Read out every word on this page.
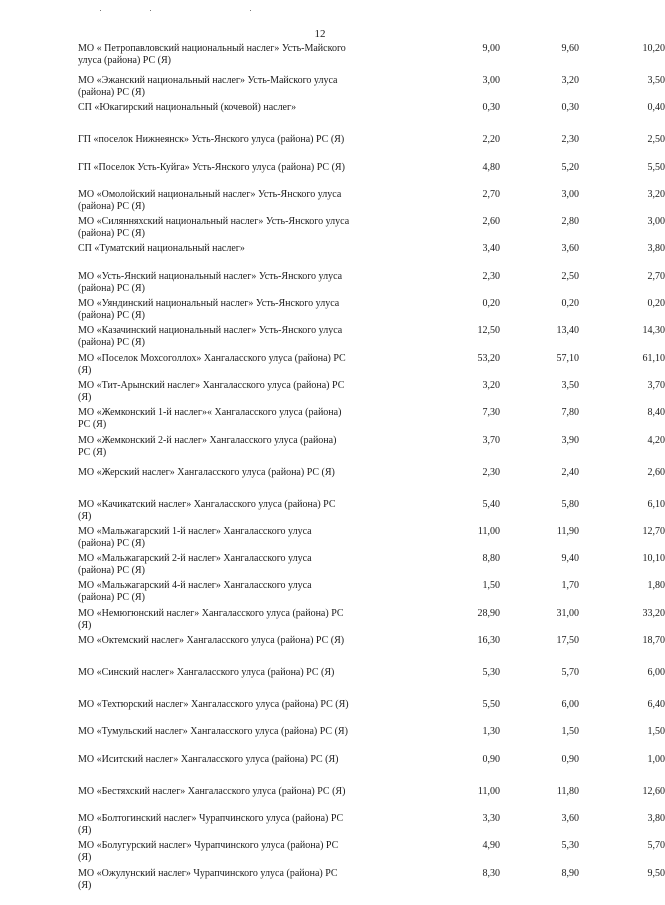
12
МО « Петропавловский национальный наслег» Усть-Майского улуса (района) РС (Я)
9,00	9,60	10,20
МО «Эжанский национальный наслег» Усть-Майского улуса (района) РС (Я)
3,00	3,20	3,50
СП «Юкагирский национальный (кочевой) наслег»	0,30	0,30	0,40
ГП «поселок Нижнеянск» Усть-Янского улуса (района) РС (Я)	2,20	2,30	2,50
ГП «Поселок Усть-Куйга» Усть-Янского улуса (района) РС (Я)	4,80	5,20	5,50
МО «Омолойский национальный наслег» Усть-Янского улуса (района) РС (Я)
2,70	3,00	3,20
МО «Силянняхский национальный наслег» Усть-Янского улуса (района) РС (Я)
2,60	2,80	3,00
СП «Туматский национальный наслег»	3,40	3,60	3,80
МО «Усть-Янский национальный наслег» Усть-Янского улуса (района) РС (Я)
2,30	2,50	2,70
МО «Уяндинский национальный наслег» Усть-Янского улуса (района) РС (Я)
0,20	0,20	0,20
МО «Казачинский национальный наслег» Усть-Янского улуса (района) РС (Я)
12,50	13,40	14,30
МО «Поселок Мохсоголлох» Хангаласского улуса (района) РС (Я)
53,20	57,10	61,10
МО «Тит-Арынский наслег» Хангаласского улуса (района) РС (Я)
3,20	3,50	3,70
МО «Жемконский 1-й наслег»« Хангаласского улуса (района) РС (Я)
7,30	7,80	8,40
МО «Жемконский 2-й наслег» Хангаласского улуса (района) РС (Я)
3,70	3,90	4,20
МО «Жерский наслег» Хангаласского улуса (района) РС (Я)	2,30	2,40	2,60
МО «Качикатский наслег» Хангаласского улуса (района) РС (Я)
5,40	5,80	6,10
МО «Мальжагарский 1-й наслег» Хангаласского улуса (района) РС (Я)
11,00	11,90	12,70
МО «Мальжагарский 2-й наслег» Хангаласского улуса (района) РС (Я)
8,80	9,40	10,10
МО «Мальжагарский 4-й наслег» Хангаласского улуса (района) РС (Я)
1,50	1,70	1,80
МО «Немюгюнский наслег» Хангаласского улуса (района) РС (Я)
28,90	31,00	33,20
МО «Октемский наслег» Хангаласского улуса (района) РС (Я)	16,30	17,50	18,70
МО «Синский наслег» Хангаласского улуса (района) РС (Я)	5,30	5,70	6,00
МО «Техтюрский наслег» Хангаласского улуса (района) РС (Я)	5,50	6,00	6,40
МО «Тумульский наслег» Хангаласского улуса (района) РС (Я)	1,30	1,50	1,50
МО «Иситский наслег» Хангаласского улуса (района) РС (Я)	0,90	0,90	1,00
МО «Бестяхский наслег» Хангаласского улуса (района) РС (Я)	11,00	11,80	12,60
МО «Болтогинский наслег» Чурапчинского улуса (района) РС (Я)
3,30	3,60	3,80
МО «Болугурский наслег» Чурапчинского улуса (района) РС (Я)
4,90	5,30	5,70
МО «Ожулунский наслег» Чурапчинского улуса (района) РС (Я)
8,30	8,90	9,50
